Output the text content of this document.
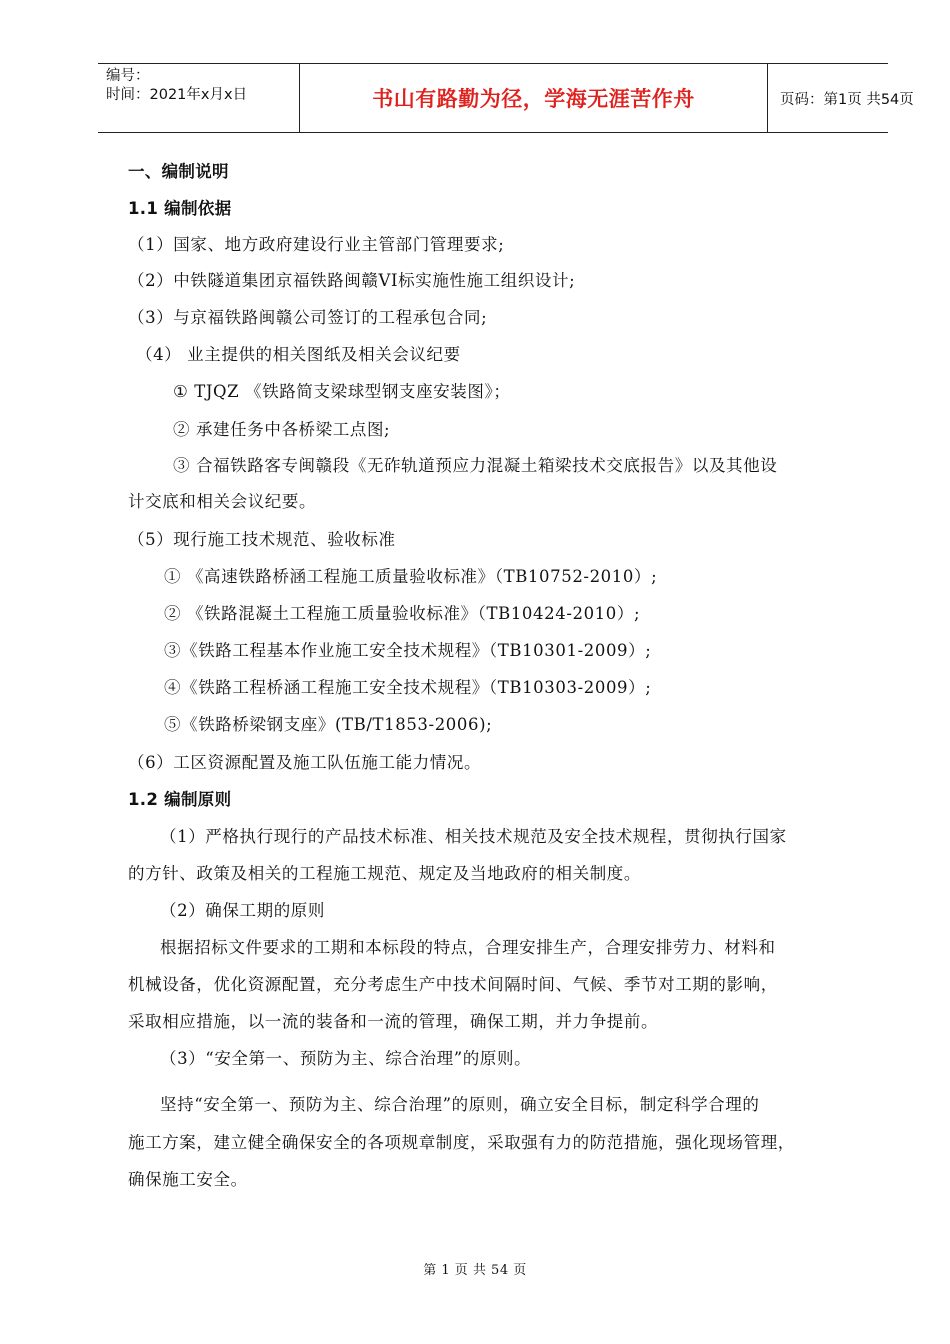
编号：
时间：2021年x月x日	书山有路勤为径，学海无涯苦作舟	页码：第1页 共54页
一、编制说明
1.1 编制依据
（1）国家、地方政府建设行业主管部门管理要求;
（2）中铁隧道集团京福铁路闽赣VI标实施性施工组织设计;
（3）与京福铁路闽赣公司签订的工程承包合同;
（4） 业主提供的相关图纸及相关会议纪要
① TJQZ 《铁路简支梁球型钢支座安装图》；
② 承建任务中各桥梁工点图;
③ 合福铁路客专闽赣段《无砟轨道预应力混凝土箱梁技术交底报告》以及其他设
计交底和相关会议纪要。
（5）现行施工技术规范、验收标准
① 《高速铁路桥涵工程施工质量验收标准》（TB10752-2010）;
② 《铁路混凝土工程施工质量验收标准》（TB10424-2010）;
③《铁路工程基本作业施工安全技术规程》（TB10301-2009）;
④《铁路工程桥涵工程施工安全技术规程》（TB10303-2009）;
⑤《铁路桥梁钢支座》(TB/T1853-2006);
（6）工区资源配置及施工队伍施工能力情况。
1.2 编制原则
（1）严格执行现行的产品技术标准、相关技术规范及安全技术规程，贯彻执行国家
的方针、政策及相关的工程施工规范、规定及当地政府的相关制度。
（2）确保工期的原则
根据招标文件要求的工期和本标段的特点，合理安排生产，合理安排劳力、材料和
机械设备，优化资源配置，充分考虑生产中技术间隔时间、气候、季节对工期的影响，
采取相应措施，以一流的装备和一流的管理，确保工期，并力争提前。
（3）“安全第一、预防为主、综合治理”的原则。
坚持“安全第一、预防为主、综合治理”的原则，确立安全目标，制定科学合理的
施工方案，建立健全确保安全的各项规章制度，采取强有力的防范措施，强化现场管理，
确保施工安全。
第 1 页 共 54 页
